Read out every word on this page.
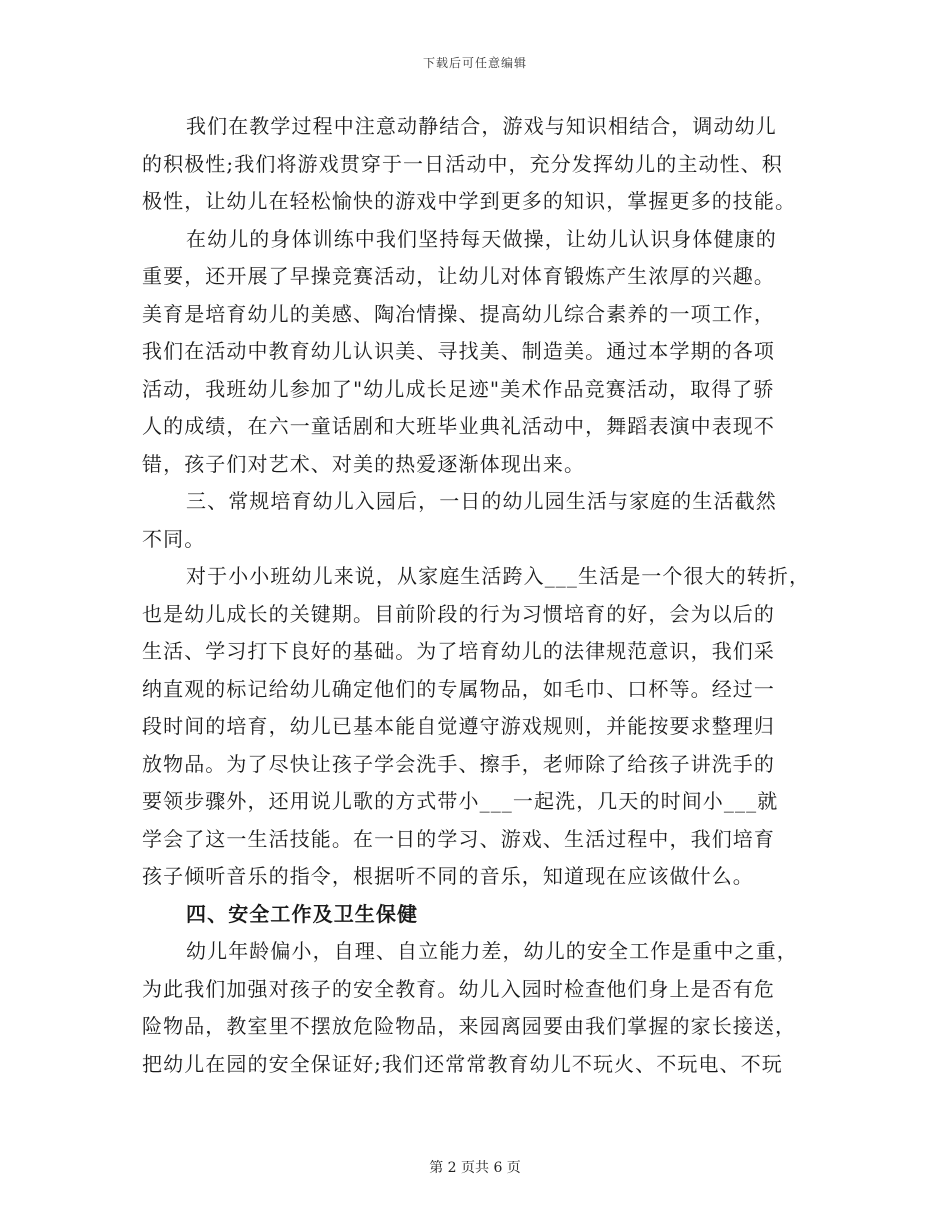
下载后可任意编辑
我们在教学过程中注意动静结合，游戏与知识相结合，调动幼儿
的积极性;我们将游戏贯穿于一日活动中，充分发挥幼儿的主动性、积
极性，让幼儿在轻松愉快的游戏中学到更多的知识，掌握更多的技能。
在幼儿的身体训练中我们坚持每天做操，让幼儿认识身体健康的
重要，还开展了早操竞赛活动，让幼儿对体育锻炼产生浓厚的兴趣。
美育是培育幼儿的美感、陶冶情操、提高幼儿综合素养的一项工作，
我们在活动中教育幼儿认识美、寻找美、制造美。通过本学期的各项
活动，我班幼儿参加了"幼儿成长足迹"美术作品竞赛活动，取得了骄
人的成绩，在六一童话剧和大班毕业典礼活动中，舞蹈表演中表现不
错，孩子们对艺术、对美的热爱逐渐体现出来。
三、常规培育幼儿入园后，一日的幼儿园生活与家庭的生活截然
不同。
对于小小班幼儿来说，从家庭生活跨入___生活是一个很大的转折，
也是幼儿成长的关键期。目前阶段的行为习惯培育的好，会为以后的
生活、学习打下良好的基础。为了培育幼儿的法律规范意识，我们采
纳直观的标记给幼儿确定他们的专属物品，如毛巾、口杯等。经过一
段时间的培育，幼儿已基本能自觉遵守游戏规则，并能按要求整理归
放物品。为了尽快让孩子学会洗手、擦手，老师除了给孩子讲洗手的
要领步骤外，还用说儿歌的方式带小___一起洗，几天的时间小___就
学会了这一生活技能。在一日的学习、游戏、生活过程中，我们培育
孩子倾听音乐的指令，根据听不同的音乐，知道现在应该做什么。
四、安全工作及卫生保健
幼儿年龄偏小，自理、自立能力差，幼儿的安全工作是重中之重，
为此我们加强对孩子的安全教育。幼儿入园时检查他们身上是否有危
险物品，教室里不摆放危险物品，来园离园要由我们掌握的家长接送，
把幼儿在园的安全保证好;我们还常常教育幼儿不玩火、不玩电、不玩
第 2 页共 6 页
